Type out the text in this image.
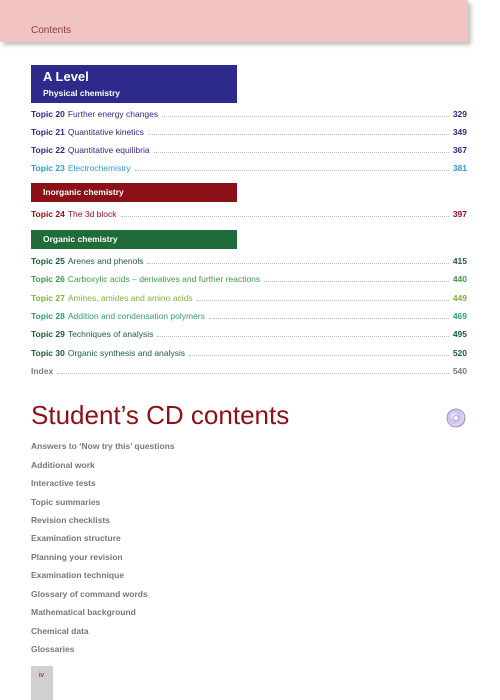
Contents
A Level
Physical chemistry
Topic 20 Further energy changes	329
Topic 21 Quantitative kinetics	349
Topic 22 Quantitative equilibria	367
Topic 23 Electrochemistry	381
Inorganic chemistry
Topic 24 The 3d block	397
Organic chemistry
Topic 25 Arenes and phenols	415
Topic 26 Carboxylic acids – derivatives and further reactions	440
Topic 27 Amines, amides and amino acids	449
Topic 28 Addition and condensation polymers	469
Topic 29 Techniques of analysis	495
Topic 30 Organic synthesis and analysis	520
Index	540
Student’s CD contents
Answers to ‘Now try this’ questions
Additional work
Interactive tests
Topic summaries
Revision checklists
Examination structure
Planning your revision
Examination technique
Glossary of command words
Mathematical background
Chemical data
Glossaries
iv
